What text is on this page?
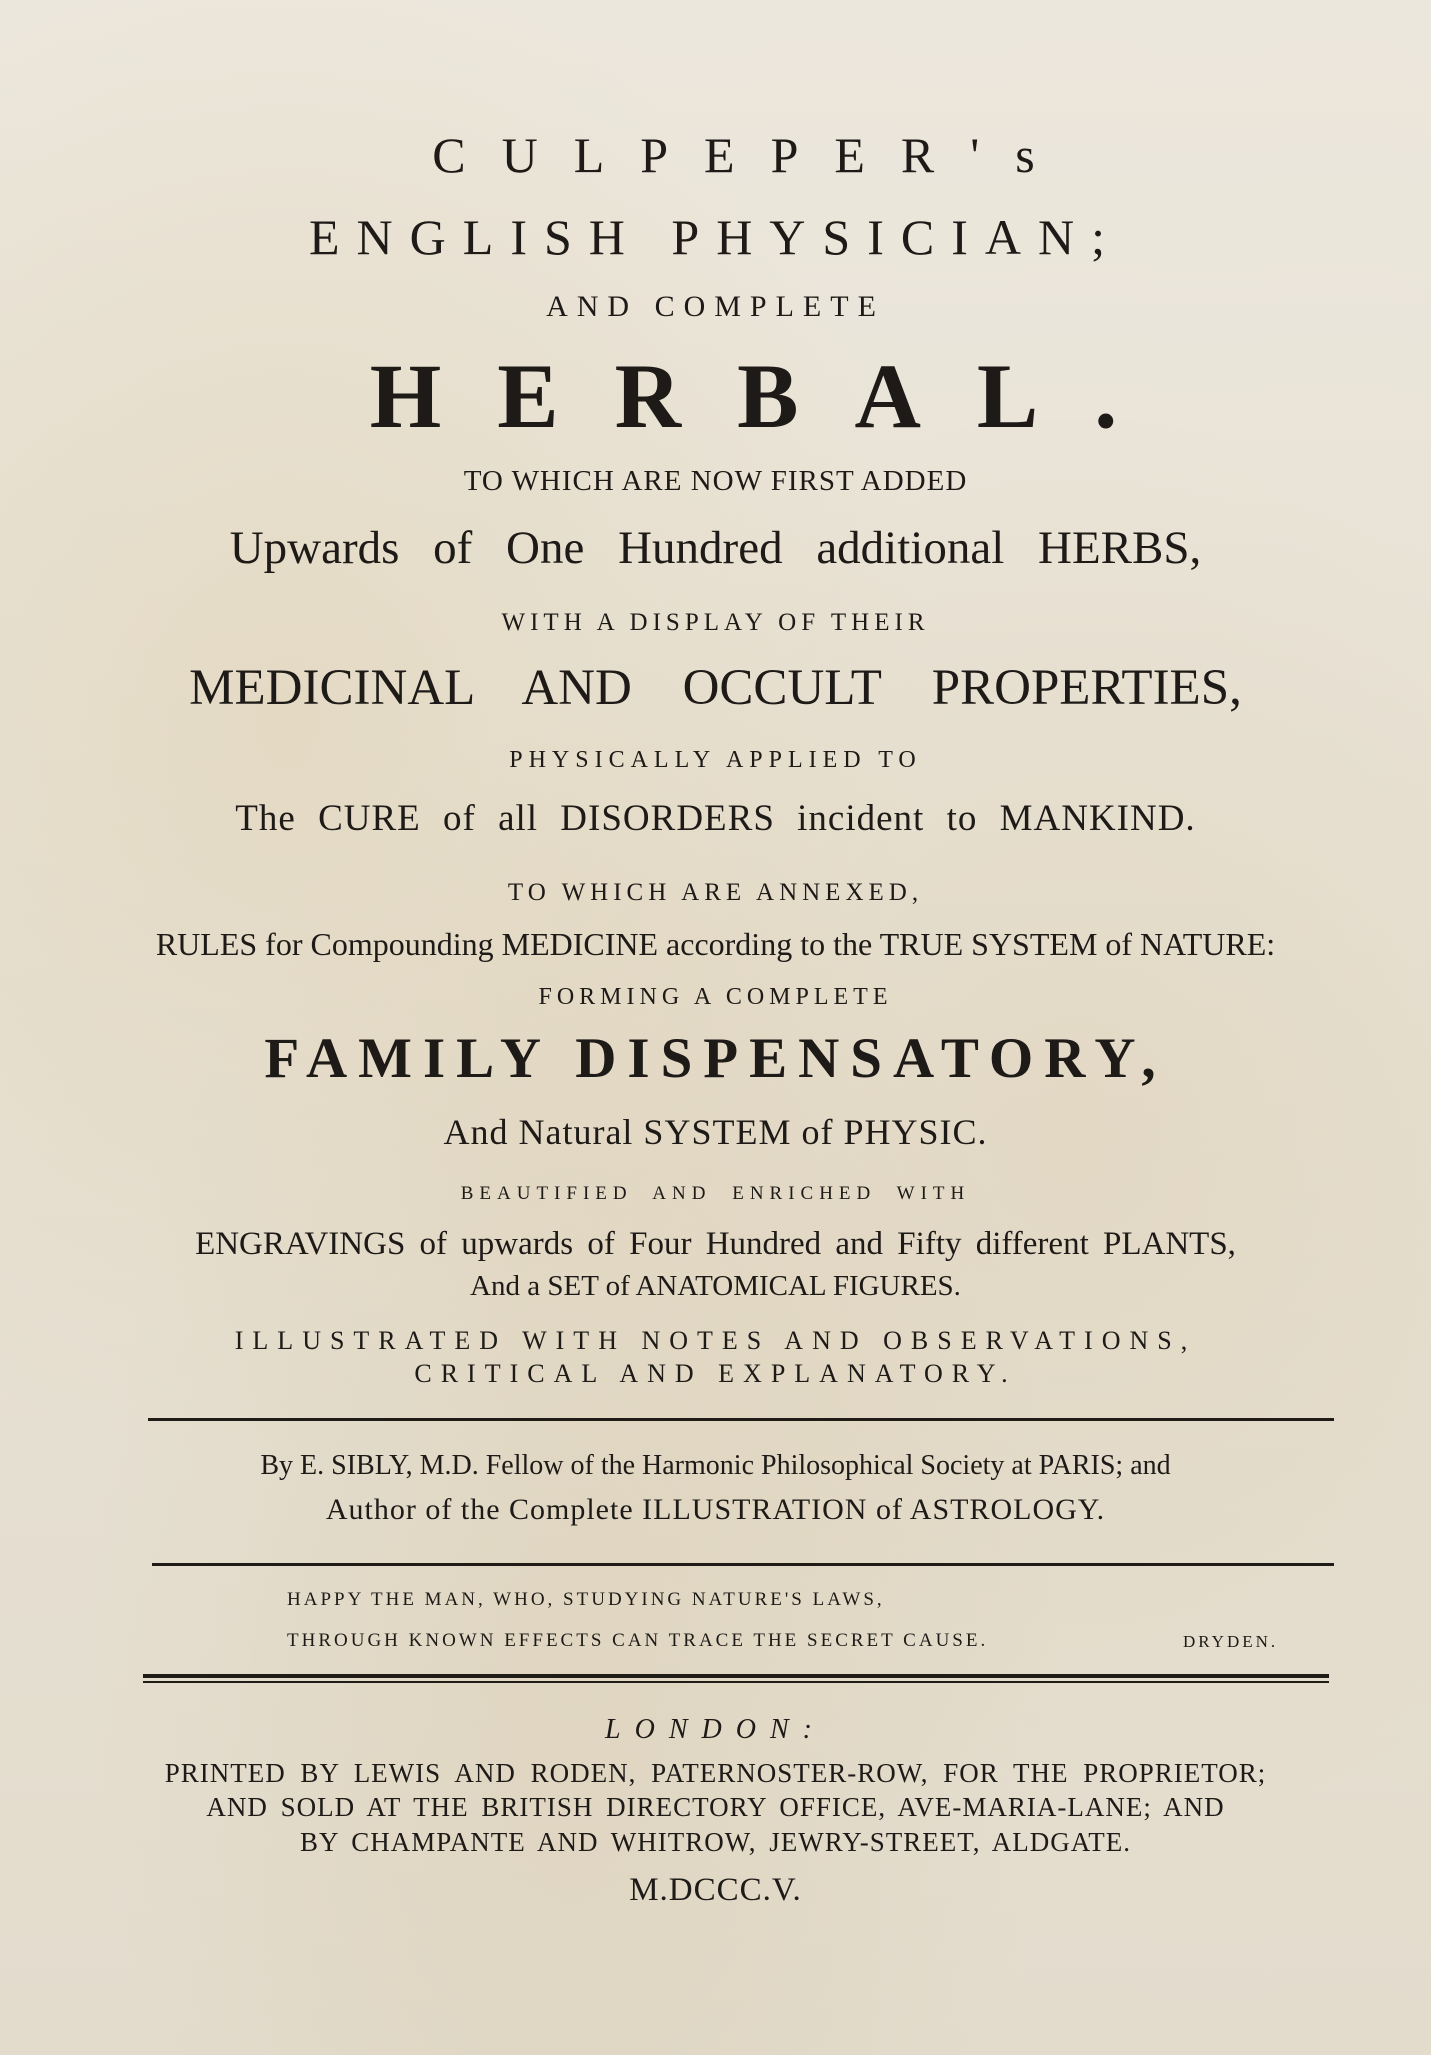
CULPEPER's
ENGLISH PHYSICIAN;
AND COMPLETE
HERBAL.
TO WHICH ARE NOW FIRST ADDED
Upwards of One Hundred additional HERBS,
WITH A DISPLAY OF THEIR
MEDICINAL AND OCCULT PROPERTIES,
PHYSICALLY APPLIED TO
The CURE of all DISORDERS incident to MANKIND.
TO WHICH ARE ANNEXED,
RULES for Compounding MEDICINE according to the TRUE SYSTEM of NATURE:
FORMING A COMPLETE
FAMILY DISPENSATORY,
And Natural SYSTEM of PHYSIC.
BEAUTIFIED AND ENRICHED WITH
ENGRAVINGS of upwards of Four Hundred and Fifty different PLANTS,
And a SET of ANATOMICAL FIGURES.
ILLUSTRATED WITH NOTES AND OBSERVATIONS,
CRITICAL AND EXPLANATORY.
By E. SIBLY, M.D. Fellow of the Harmonic Philosophical Society at PARIS; and
Author of the Complete ILLUSTRATION of ASTROLOGY.
HAPPY THE MAN, WHO, STUDYING NATURE'S LAWS,
THROUGH KNOWN EFFECTS CAN TRACE THE SECRET CAUSE.	DRYDEN.
LONDON:
PRINTED BY LEWIS AND RODEN, PATERNOSTER-ROW, FOR THE PROPRIETOR;
AND SOLD AT THE BRITISH DIRECTORY OFFICE, AVE-MARIA-LANE; AND
BY CHAMPANTE AND WHITROW, JEWRY-STREET, ALDGATE.
M.DCCC.V.
